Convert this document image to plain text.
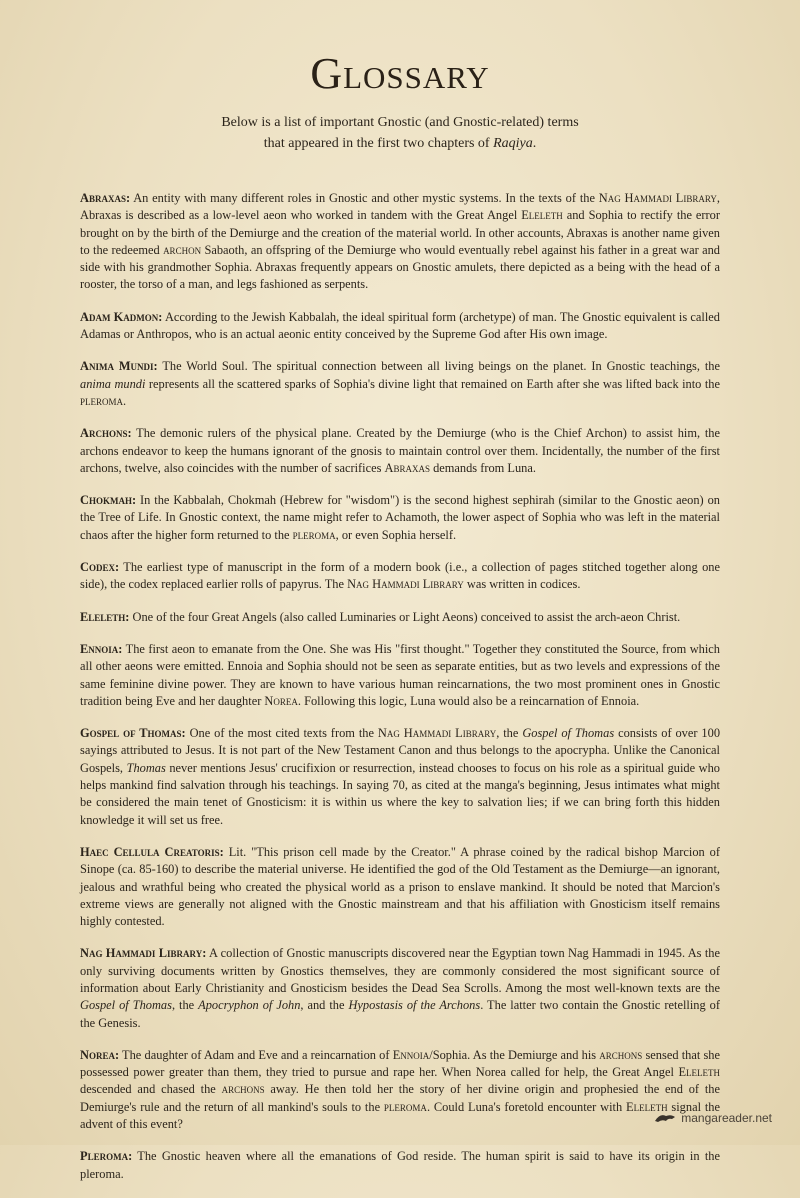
Glossary
Below is a list of important Gnostic (and Gnostic-related) terms
that appeared in the first two chapters of Raqiya.

Abraxas: An entity with many different roles in Gnostic and other mystic systems. In the texts of the Nag Hammadi Library, Abraxas is described as a low-level aeon who worked in tandem with the Great Angel Eleleth and Sophia to rectify the error brought on by the birth of the Demiurge and the creation of the material world. In other accounts, Abraxas is another name given to the redeemed archon Sabaoth, an offspring of the Demiurge who would eventually rebel against his father in a great war and side with his grandmother Sophia. Abraxas frequently appears on Gnostic amulets, there depicted as a being with the head of a rooster, the torso of a man, and legs fashioned as serpents.

Adam Kadmon: According to the Jewish Kabbalah, the ideal spiritual form (archetype) of man. The Gnostic equivalent is called Adamas or Anthropos, who is an actual aeonic entity conceived by the Supreme God after His own image.

Anima Mundi: The World Soul. The spiritual connection between all living beings on the planet. In Gnostic teachings, the anima mundi represents all the scattered sparks of Sophia's divine light that remained on Earth after she was lifted back into the pleroma.

Archons: The demonic rulers of the physical plane. Created by the Demiurge (who is the Chief Archon) to assist him, the archons endeavor to keep the humans ignorant of the gnosis to maintain control over them. Incidentally, the number of the first archons, twelve, also coincides with the number of sacrifices Abraxas demands from Luna.

Chokmah: In the Kabbalah, Chokmah (Hebrew for "wisdom") is the second highest sephirah (similar to the Gnostic aeon) on the Tree of Life. In Gnostic context, the name might refer to Achamoth, the lower aspect of Sophia who was left in the material chaos after the higher form returned to the pleroma, or even Sophia herself.

Codex: The earliest type of manuscript in the form of a modern book (i.e., a collection of pages stitched together along one side), the codex replaced earlier rolls of papyrus. The Nag Hammadi Library was written in codices.

Eleleth: One of the four Great Angels (also called Luminaries or Light Aeons) conceived to assist the arch-aeon Christ.

Ennoia: The first aeon to emanate from the One. She was His "first thought." Together they constituted the Source, from which all other aeons were emitted. Ennoia and Sophia should not be seen as separate entities, but as two levels and expressions of the same feminine divine power. They are known to have various human reincarnations, the two most prominent ones in Gnostic tradition being Eve and her daughter Norea. Following this logic, Luna would also be a reincarnation of Ennoia.

Gospel of Thomas: One of the most cited texts from the Nag Hammadi Library, the Gospel of Thomas consists of over 100 sayings attributed to Jesus. It is not part of the New Testament Canon and thus belongs to the apocrypha. Unlike the Canonical Gospels, Thomas never mentions Jesus' crucifixion or resurrection, instead chooses to focus on his role as a spiritual guide who helps mankind find salvation through his teachings. In saying 70, as cited at the manga's beginning, Jesus intimates what might be considered the main tenet of Gnosticism: it is within us where the key to salvation lies; if we can bring forth this hidden knowledge it will set us free.

Haec Cellula Creatoris: Lit. "This prison cell made by the Creator." A phrase coined by the radical bishop Marcion of Sinope (ca. 85-160) to describe the material universe. He identified the god of the Old Testament as the Demiurge—an ignorant, jealous and wrathful being who created the physical world as a prison to enslave mankind. It should be noted that Marcion's extreme views are generally not aligned with the Gnostic mainstream and that his affiliation with Gnosticism itself remains highly contested.

Nag Hammadi Library: A collection of Gnostic manuscripts discovered near the Egyptian town Nag Hammadi in 1945. As the only surviving documents written by Gnostics themselves, they are commonly considered the most significant source of information about Early Christianity and Gnosticism besides the Dead Sea Scrolls. Among the most well-known texts are the Gospel of Thomas, the Apocryphon of John, and the Hypostasis of the Archons. The latter two contain the Gnostic retelling of the Genesis.

Norea: The daughter of Adam and Eve and a reincarnation of Ennoia/Sophia. As the Demiurge and his archons sensed that she possessed power greater than them, they tried to pursue and rape her. When Norea called for help, the Great Angel Eleleth descended and chased the archons away. He then told her the story of her divine origin and prophesied the end of the Demiurge's rule and the return of all mankind's souls to the pleroma. Could Luna's foretold encounter with Eleleth signal the advent of this event?

Pleroma: The Gnostic heaven where all the emanations of God reside. The human spirit is said to have its origin in the pleroma.

mangareader.net
